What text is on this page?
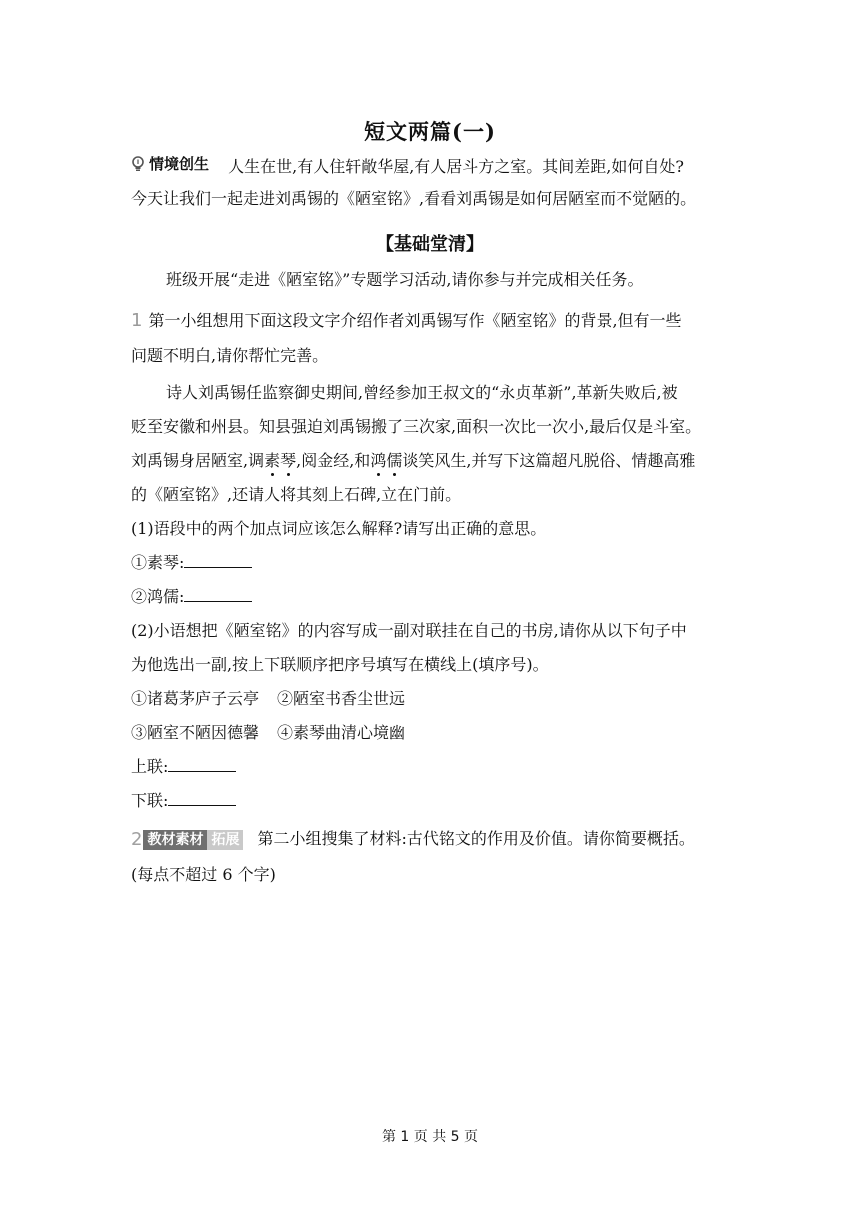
短文两篇(一)
情境创生 人生在世,有人住轩敞华屋,有人居斗方之室。其间差距,如何自处?
今天让我们一起走进刘禹锡的《陋室铭》,看看刘禹锡是如何居陋室而不觉陋的。
【基础堂清】
班级开展“走进《陋室铭》”专题学习活动,请你参与并完成相关任务。
1 第一小组想用下面这段文字介绍作者刘禹锡写作《陋室铭》的背景,但有一些
问题不明白,请你帮忙完善。
诗人刘禹锡任监察御史期间,曾经参加王叔文的“永贞革新”,革新失败后,被
贬至安徽和州县。知县强迫刘禹锡搬了三次家,面积一次比一次小,最后仅是斗室。
刘禹锡身居陋室,调素琴,阅金经,和鸿儒谈笑风生,并写下这篇超凡脱俗、情趣高雅
的《陋室铭》,还请人将其刻上石碑,立在门前。
(1)语段中的两个加点词应该怎么解释?请写出正确的意思。
①素琴:
②鸿儒:
(2)小语想把《陋室铭》的内容写成一副对联挂在自己的书房,请你从以下句子中
为他选出一副,按上下联顺序把序号填写在横线上(填序号)。
①诸葛茅庐子云亭 ②陋室书香尘世远
③陋室不陋因德馨 ④素琴曲清心境幽
上联:
下联:
2 教材素材 拓展 第二小组搜集了材料:古代铭文的作用及价值。请你简要概括。
(每点不超过 6 个字)
第 1 页 共 5 页
